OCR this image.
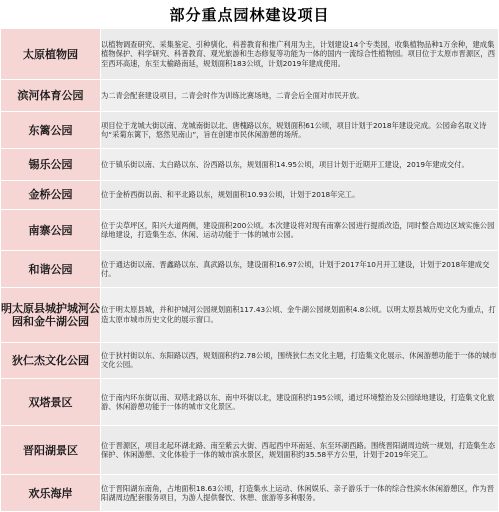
部分重点园林建设项目
太原植物园	以植物调查研究、采集鉴定、引种驯化、科普教育和推广利用为主，计划建设14个专类园，收集植物品种1万余种，建成集植物保护、科学研究、科普教育、观光旅游和生态修复等功能为一体的国内一流综合性植物园。项目位于太原市晋源区，西至西环高速，东至太榆路南延，规划面积183公顷，计划2019年建成使用。
滨河体育公园	为二青会配套建设项目，二青会时作为训练比赛场地，二青会后全面对市民开放。
东篱公园	项目位于龙城大街以南、龙城南街以北、唐槐路以东，规划面积61公顷，项目计划于2018年建设完成。公园命名取义诗句“采菊东篱下，悠然见南山”，旨在创建市民休闲游憩的场所。
锡乐公园	位于镇乐街以南、太白路以东、汾西路以东，规划面积14.95公顷，项目计划于近期开工建设，2019年建成交付。
金桥公园	位于金桥西街以南、和平北路以东，规划面积10.93公顷，计划于2018年完工。
南寨公园	位于尖草坪区，阳兴大道两侧，建设面积200公顷。本次建设将对现有南寨公园进行提质改造，同时整合周边区域实施公园绿地建设，打造集生态、休闲、运动功能于一体的城市公园。
和谐公园	位于通达街以南、晋鑫路以东、真武路以东，建设面积16.97公顷，计划于2017年10月开工建设，计划于2018年建成交付。
明太原县城护城河公园和金牛湖公园	位于明太原县城，并和护城河公园规划面积117.43公顷、金牛湖公园规划面积4.8公顷。以明太原县城历史文化为重点，打造太原市城市历史文化的展示窗口。
狄仁杰文化公园	位于狄村街以东、东阳路以西，规划面积约2.78公顷，围绕狄仁杰文化主题，打造集文化展示、休闲游憩功能于一体的城市文化公园。
双塔景区	位于南内环东街以南、双塔北路以东、南中环街以北，建设面积约195公顷，通过环境整治及公园绿地建设，打造集文化旅游、休闲游憩功能于一体的城市文化景区。
晋阳湖景区	位于晋源区，项目北起环湖北路、南至紫云大街、西起西中环南延、东至环湖西路。围绕晋阳湖周边统一规划，打造集生态保护、休闲游憩、文化体验于一体的城市滨水景区，规划面积约35.58平方公里，计划于2019年完工。
欢乐海岸	位于晋阳湖东南角，占地面积18.63公顷，打造集水上运动、休闲娱乐、亲子游乐于一体的综合性滨水休闲游憩区，作为晋阳湖周边配套服务项目，为游人提供餐饮、休憩、旅游等多种服务。
